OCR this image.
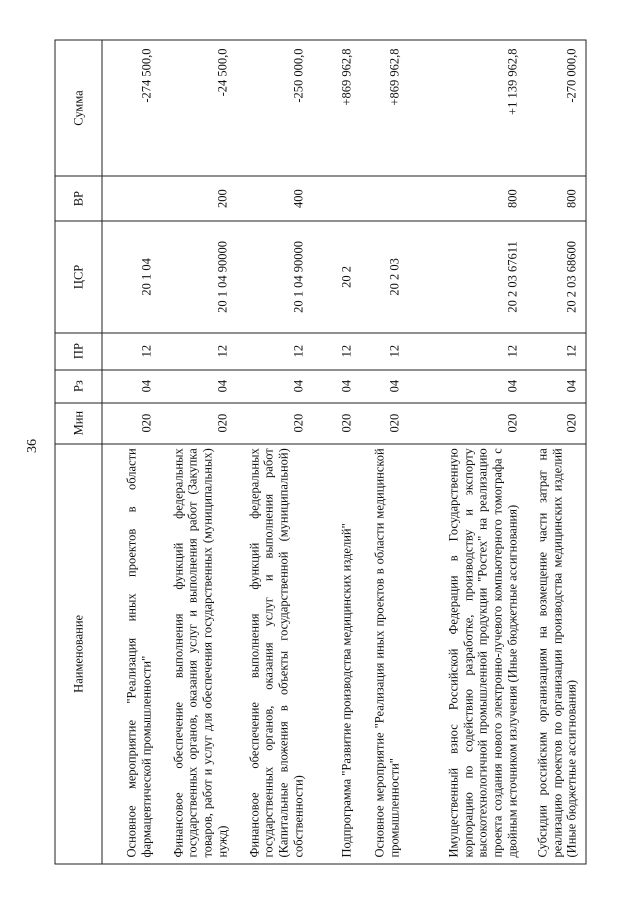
36
Наименование	Мин	Рз	ПР	ЦСР	ВР	Сумма
Основное мероприятие "Реализация иных проектов в области фармацевтической промышленности"	020	04	12	20 1 04		-274 500,0
Финансовое обеспечение выполнения функций федеральных государственных органов, оказания услуг и выполнения работ (Закупка товаров, работ и услуг для обеспечения государственных (муниципальных) нужд)	020	04	12	20 1 04 90000	200	-24 500,0
Финансовое обеспечение выполнения функций федеральных государственных органов, оказания услуг и выполнения работ (Капитальные вложения в объекты государственной (муниципальной) собственности)	020	04	12	20 1 04 90000	400	-250 000,0
Подпрограмма "Развитие производства медицинских изделий"	020	04	12	20 2		+869 962,8
Основное мероприятие "Реализация иных проектов в области медицинской промышленности"	020	04	12	20 2 03		+869 962,8
Имущественный взнос Российской Федерации в Государственную корпорацию по содействию разработке, производству и экспорту высокотехнологичной промышленной продукции "Ростех" на реализацию проекта создания нового электронно-лучевого компьютерного томографа с двойным источником излучения (Иные бюджетные ассигнования)	020	04	12	20 2 03 67611	800	+1 139 962,8
Субсидии российским организациям на возмещение части затрат на реализацию проектов по организации производства медицинских изделий (Иные бюджетные ассигнования)	020	04	12	20 2 03 68600	800	-270 000,0
